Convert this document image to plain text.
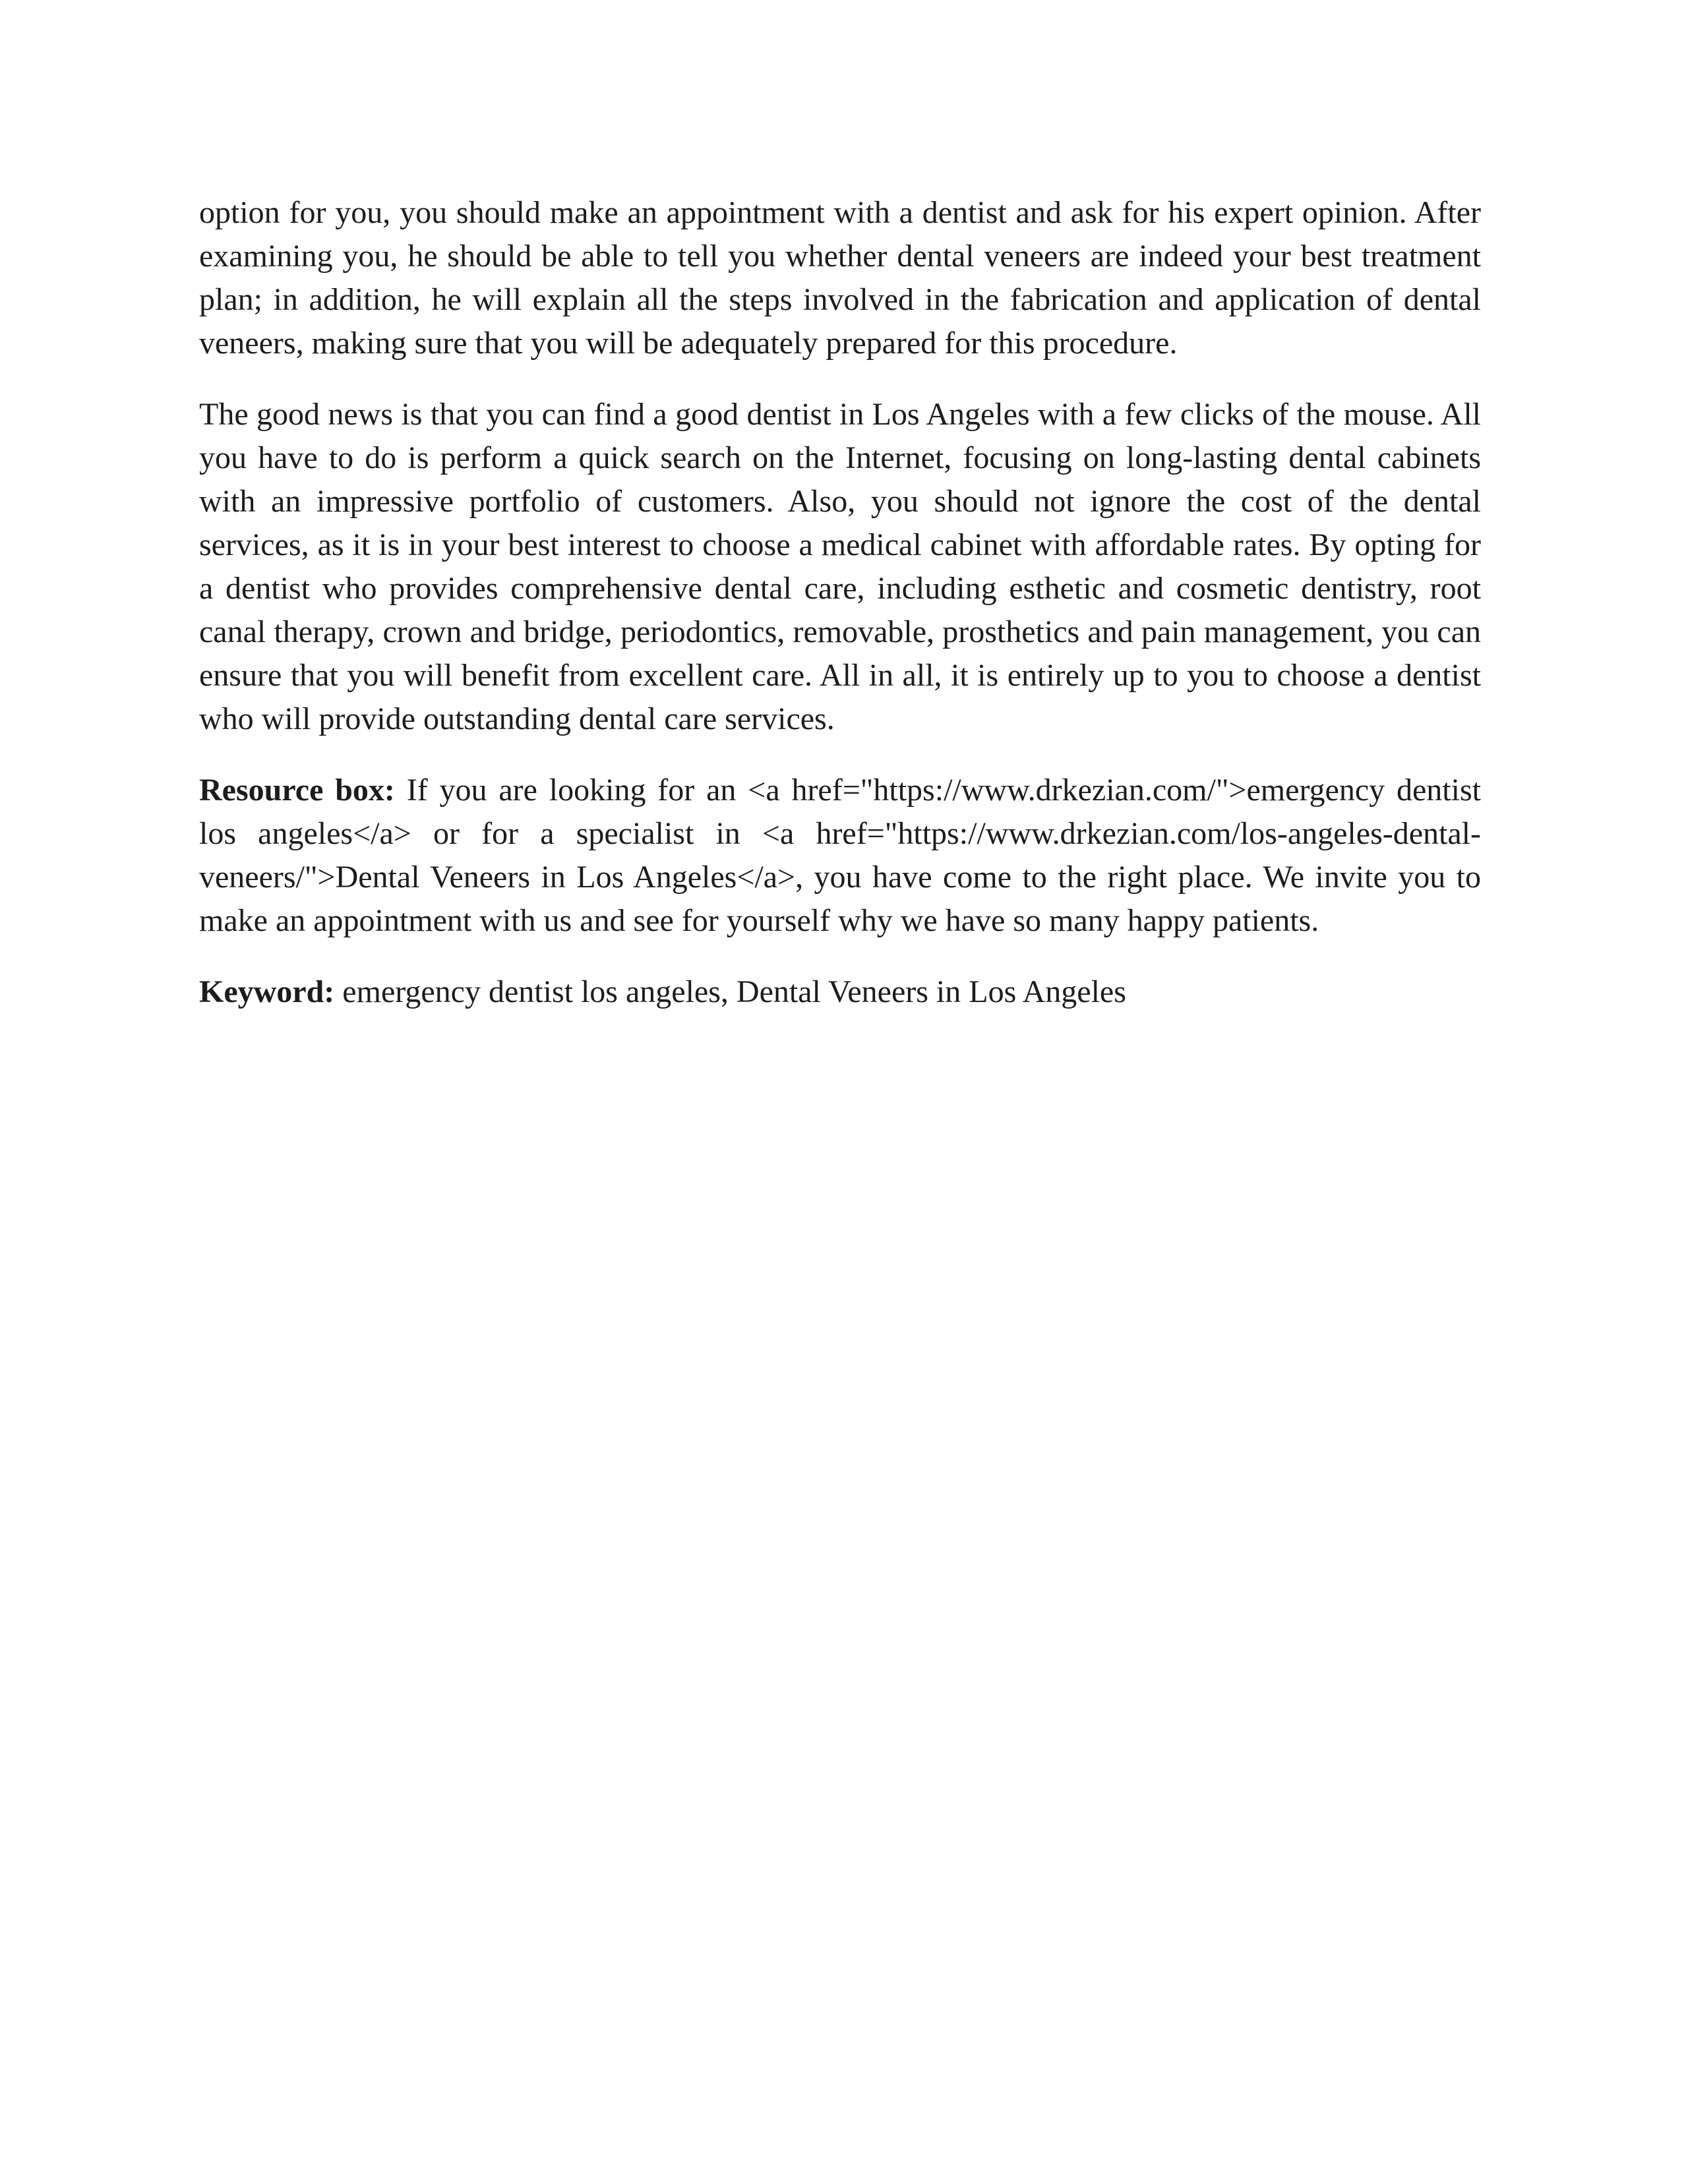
option for you, you should make an appointment with a dentist and ask for his expert opinion. After examining you, he should be able to tell you whether dental veneers are indeed your best treatment plan; in addition, he will explain all the steps involved in the fabrication and application of dental veneers, making sure that you will be adequately prepared for this procedure.

The good news is that you can find a good dentist in Los Angeles with a few clicks of the mouse. All you have to do is perform a quick search on the Internet, focusing on long-lasting dental cabinets with an impressive portfolio of customers. Also, you should not ignore the cost of the dental services, as it is in your best interest to choose a medical cabinet with affordable rates. By opting for a dentist who provides comprehensive dental care, including esthetic and cosmetic dentistry, root canal therapy, crown and bridge, periodontics, removable, prosthetics and pain management, you can ensure that you will benefit from excellent care. All in all, it is entirely up to you to choose a dentist who will provide outstanding dental care services.

Resource box: If you are looking for an <a href="https://www.drkezian.com/">emergency dentist los angeles</a> or for a specialist in <a href="https://www.drkezian.com/los-angeles-dental-veneers/">Dental Veneers in Los Angeles</a>, you have come to the right place. We invite you to make an appointment with us and see for yourself why we have so many happy patients.

Keyword: emergency dentist los angeles, Dental Veneers in Los Angeles
